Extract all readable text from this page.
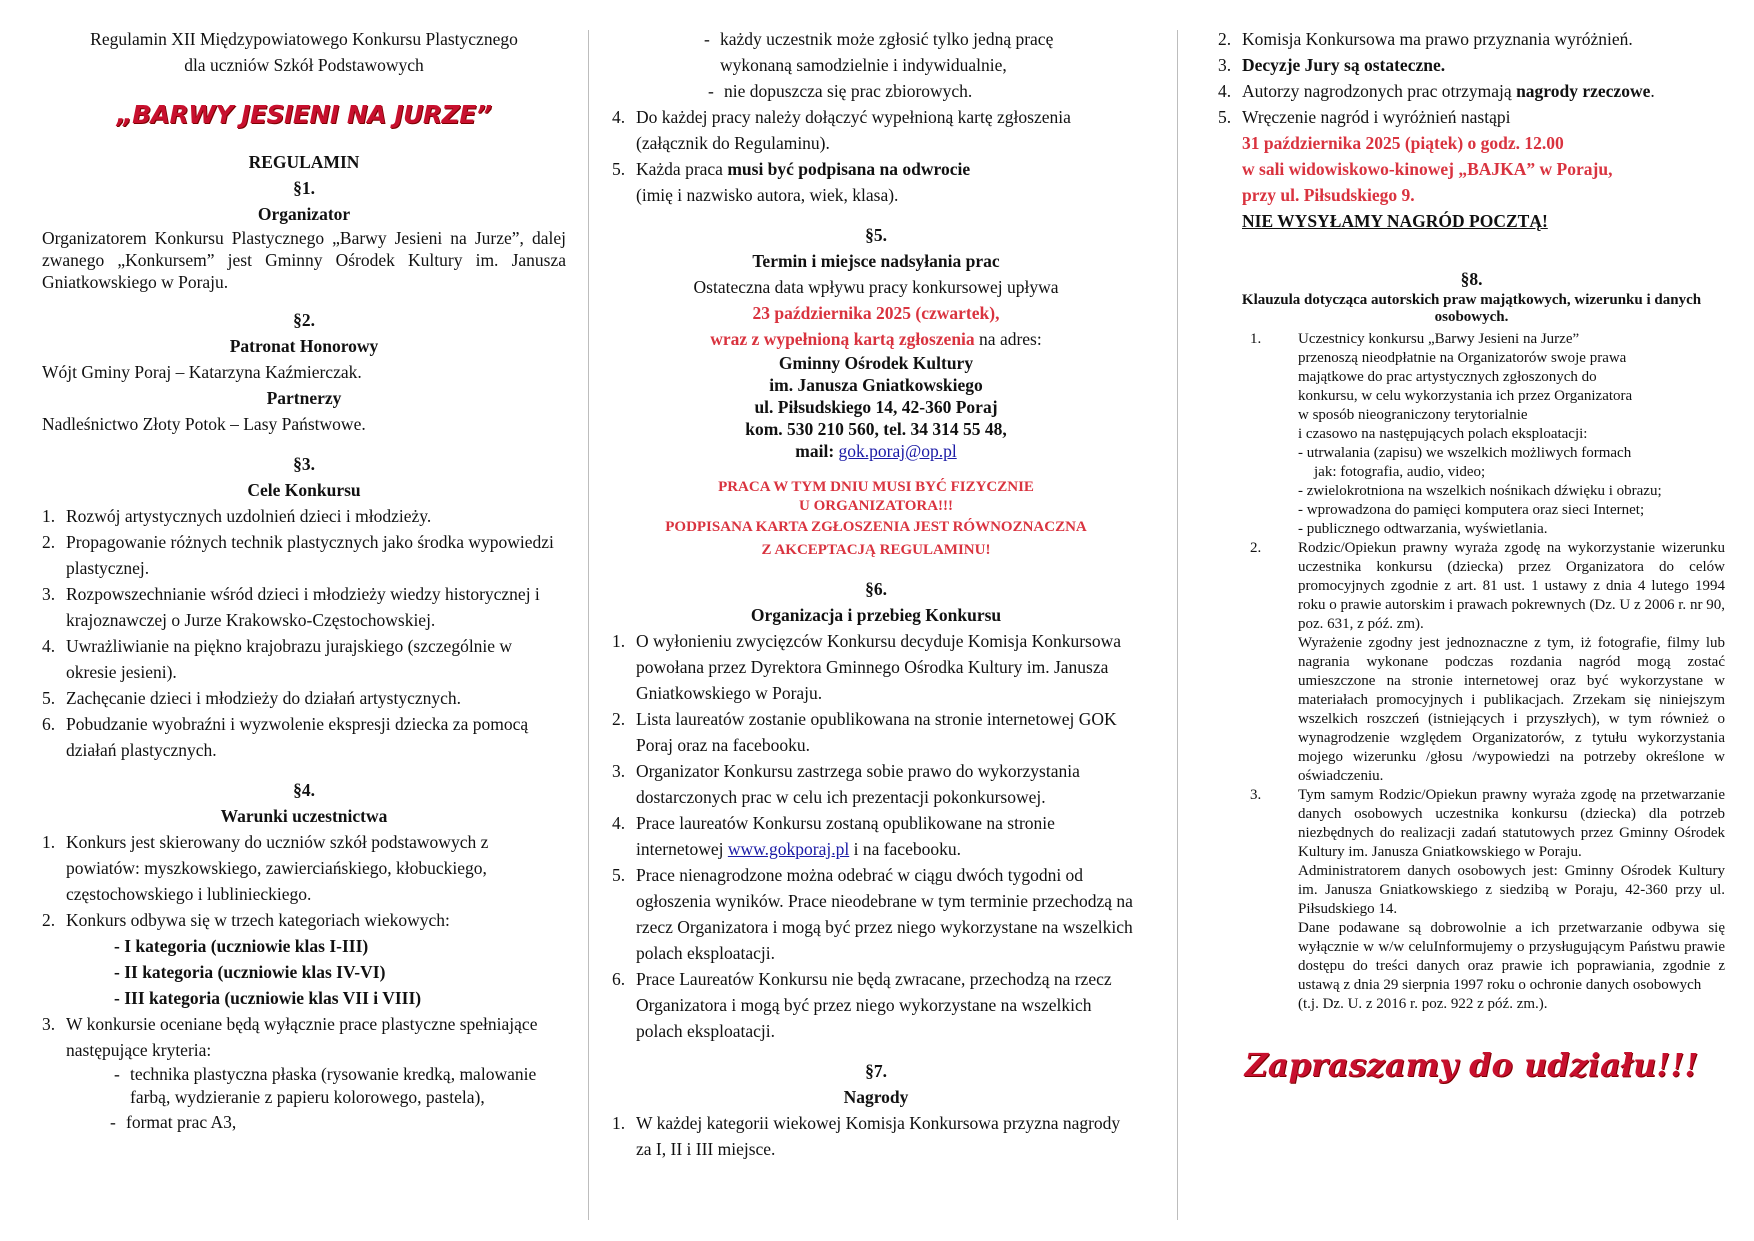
Regulamin XII Międzypowiatowego Konkursu Plastycznego
dla uczniów Szkół Podstawowych
„BARWY JESIENI NA JURZE”
REGULAMIN
§1.
Organizator
Organizatorem Konkursu Plastycznego „Barwy Jesieni na Jurze”, dalej zwanego „Konkursem” jest Gminny Ośrodek Kultury im. Janusza Gniatkowskiego w Poraju.
§2.
Patronat Honorowy
Wójt Gminy Poraj – Katarzyna Kaźmierczak.
Partnerzy
Nadleśnictwo Złoty Potok – Lasy Państwowe.
§3.
Cele Konkursu
1. Rozwój artystycznych uzdolnień dzieci i młodzieży.
2. Propagowanie różnych technik plastycznych jako środka wypowiedzi plastycznej.
3. Rozpowszechnianie wśród dzieci i młodzieży wiedzy historycznej i krajoznawczej o Jurze Krakowsko-Częstochowskiej.
4. Uwrażliwianie na piękno krajobrazu jurajskiego (szczególnie w okresie jesieni).
5. Zachęcanie dzieci i młodzieży do działań artystycznych.
6. Pobudzanie wyobraźni i wyzwolenie ekspresji dziecka za pomocą działań plastycznych.
§4.
Warunki uczestnictwa
1. Konkurs jest skierowany do uczniów szkół podstawowych z powiatów: myszkowskiego, zawierciańskiego, kłobuckiego, częstochowskiego i lublinieckiego.
2. Konkurs odbywa się w trzech kategoriach wiekowych:
- I kategoria (uczniowie klas I-III)
- II kategoria (uczniowie klas IV-VI)
- III kategoria (uczniowie klas VII i VIII)
3. W konkursie oceniane będą wyłącznie prace plastyczne spełniające następujące kryteria:
- technika plastyczna płaska (rysowanie kredką, malowanie farbą, wydzieranie z papieru kolorowego, pastela),
- format prac A3,
- każdy uczestnik może zgłosić tylko jedną pracę wykonaną samodzielnie i indywidualnie,
- nie dopuszcza się prac zbiorowych.
4. Do każdej pracy należy dołączyć wypełnioną kartę zgłoszenia (załącznik do Regulaminu).
5. Każda praca musi być podpisana na odwrocie
(imię i nazwisko autora, wiek, klasa).
§5.
Termin i miejsce nadsyłania prac
Ostateczna data wpływu pracy konkursowej upływa
23 października 2025 (czwartek),
wraz z wypełnioną kartą zgłoszenia na adres:
Gminny Ośrodek Kultury
im. Janusza Gniatkowskiego
ul. Piłsudskiego 14, 42-360 Poraj
kom. 530 210 560, tel. 34 314 55 48,
mail: gok.poraj@op.pl
PRACA W TYM DNIU MUSI BYĆ FIZYCZNIE
U ORGANIZATORA!!!
PODPISANA KARTA ZGŁOSZENIA JEST RÓWNOZNACZNA
Z AKCEPTACJĄ REGULAMINU!
§6.
Organizacja i przebieg Konkursu
1. O wyłonieniu zwycięzców Konkursu decyduje Komisja Konkursowa powołana przez Dyrektora Gminnego Ośrodka Kultury im. Janusza Gniatkowskiego w Poraju.
2. Lista laureatów zostanie opublikowana na stronie internetowej GOK Poraj oraz na facebooku.
3. Organizator Konkursu zastrzega sobie prawo do wykorzystania dostarczonych prac w celu ich prezentacji pokonkursowej.
4. Prace laureatów Konkursu zostaną opublikowane na stronie internetowej www.gokporaj.pl i na facebooku.
5. Prace nienagrodzone można odebrać w ciągu dwóch tygodni od ogłoszenia wyników. Prace nieodebrane w tym terminie przechodzą na rzecz Organizatora i mogą być przez niego wykorzystane na wszelkich polach eksploatacji.
6. Prace Laureatów Konkursu nie będą zwracane, przechodzą na rzecz Organizatora i mogą być przez niego wykorzystane na wszelkich polach eksploatacji.
§7.
Nagrody
1. W każdej kategorii wiekowej Komisja Konkursowa przyzna nagrody za I, II i III miejsce.
2. Komisja Konkursowa ma prawo przyznania wyróżnień.
3. Decyzje Jury są ostateczne.
4. Autorzy nagrodzonych prac otrzymają nagrody rzeczowe.
5. Wręczenie nagród i wyróżnień nastąpi
31 października 2025 (piątek) o godz. 12.00
w sali widowiskowo-kinowej „BAJKA” w Poraju,
przy ul. Piłsudskiego 9.
NIE WYSYŁAMY NAGRÓD POCZTĄ!
§8.
Klauzula dotycząca autorskich praw majątkowych, wizerunku i danych osobowych.
1.	Uczestnicy konkursu „Barwy Jesieni na Jurze” przenoszą nieodpłatnie na Organizatorów swoje prawa majątkowe do prac artystycznych zgłoszonych do konkursu, w celu wykorzystania ich przez Organizatora w sposób nieograniczony terytorialnie
i czasowo na następujących polach eksploatacji:
- utrwalania (zapisu) we wszelkich możliwych formach
jak: fotografia, audio, video;
- zwielokrotniona na wszelkich nośnikach dźwięku i obrazu;
- wprowadzona do pamięci komputera oraz sieci Internet;
- publicznego odtwarzania, wyświetlania.
2.	Rodzic/Opiekun prawny wyraża zgodę na wykorzystanie wizerunku uczestnika konkursu (dziecka) przez Organizatora do celów promocyjnych zgodnie z art. 81 ust. 1 ustawy z dnia 4 lutego 1994 roku o prawie autorskim i prawach pokrewnych (Dz. U z 2006 r. nr 90, poz. 631, z póź. zm).
Wyrażenie zgodny jest jednoznaczne z tym, iż fotografie, filmy lub nagrania wykonane podczas rozdania nagród mogą zostać umieszczone na stronie internetowej oraz być wykorzystane w materiałach promocyjnych i publikacjach. Zrzekam się niniejszym wszelkich roszczeń (istniejących i przyszłych), w tym również o wynagrodzenie względem Organizatorów, z tytułu wykorzystania mojego wizerunku /głosu /wypowiedzi na potrzeby określone w oświadczeniu.
3.	Tym samym Rodzic/Opiekun prawny wyraża zgodę na przetwarzanie danych osobowych uczestnika konkursu (dziecka) dla potrzeb niezbędnych do realizacji zadań statutowych przez Gminny Ośrodek Kultury im. Janusza Gniatkowskiego w Poraju.
Administratorem danych osobowych jest: Gminny Ośrodek Kultury im. Janusza Gniatkowskiego z siedzibą w Poraju, 42-360 przy ul. Piłsudskiego 14.
Dane podawane są dobrowolnie a ich przetwarzanie odbywa się wyłącznie w w/w celuInformujemy o przysługującym Państwu prawie dostępu do treści danych oraz prawie ich poprawiania, zgodnie z ustawą z dnia 29 sierpnia 1997 roku o ochronie danych osobowych
(t.j. Dz. U. z 2016 r. poz. 922 z póź. zm.).
Zapraszamy do udziału!!!
